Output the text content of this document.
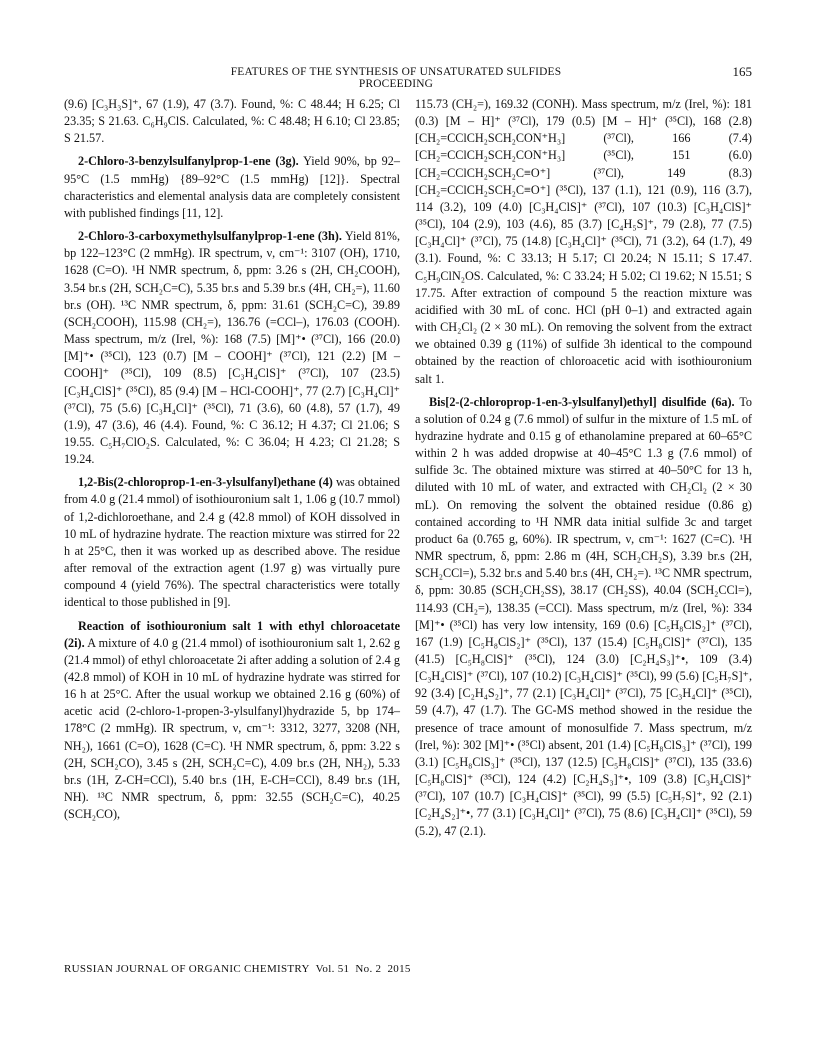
FEATURES OF THE SYNTHESIS OF UNSATURATED SULFIDES PROCEEDING
165

(9.6) [C₃H₃S]⁺, 67 (1.9), 47 (3.7). Found, %: C 48.44; H 6.25; Cl 23.35; S 21.63. C₆H₉ClS. Calculated, %: C 48.48; H 6.10; Cl 23.85; S 21.57.

2-Chloro-3-benzylsulfanylprop-1-ene (3g). Yield 90%, bp 92–95°C (1.5 mmHg) {89–92°C (1.5 mmHg) [12]}. Spectral characteristics and elemental analysis data are completely consistent with published findings [11, 12].

2-Chloro-3-carboxymethylsulfanylprop-1-ene (3h). Yield 81%, bp 122–123°C (2 mmHg). IR spectrum, ν, cm⁻¹: 3107 (OH), 1710, 1628 (C=O). ¹H NMR spectrum, δ, ppm: 3.26 s (2H, CH₂COOH), 3.54 br.s (2H, SCH₂C=C), 5.35 br.s and 5.39 br.s (4H, CH₂=), 11.60 br.s (OH). ¹³C NMR spectrum, δ, ppm: 31.61 (SCH₂C=C), 39.89 (SCH₂COOH), 115.98 (CH₂=), 136.76 (=CCl–), 176.03 (COOH). Mass spectrum, m/z (Irel, %): 168 (7.5) [M]⁺• (³⁷Cl), 166 (20.0) [M]⁺• (³⁵Cl), 123 (0.7) [M – COOH]⁺ (³⁷Cl), 121 (2.2) [M – COOH]⁺ (³⁵Cl), 109 (8.5) [C₃H₄ClS]⁺ (³⁷Cl), 107 (23.5) [C₃H₄ClS]⁺ (³⁵Cl), 85 (9.4) [M – HCl-COOH]⁺, 77 (2.7) [C₃H₄Cl]⁺ (³⁷Cl), 75 (5.6) [C₃H₄Cl]⁺ (³⁵Cl), 71 (3.6), 60 (4.8), 57 (1.7), 49 (1.9), 47 (3.6), 46 (4.4). Found, %: C 36.12; H 4.37; Cl 21.06; S 19.55. C₅H₇ClO₂S. Calculated, %: C 36.04; H 4.23; Cl 21.28; S 19.24.

1,2-Bis(2-chloroprop-1-en-3-ylsulfanyl)ethane (4) was obtained from 4.0 g (21.4 mmol) of isothiouronium salt 1, 1.06 g (10.7 mmol) of 1,2-dichloroethane, and 2.4 g (42.8 mmol) of KOH dissolved in 10 mL of hydrazine hydrate. The reaction mixture was stirred for 22 h at 25°C, then it was worked up as described above. The residue after removal of the extraction agent (1.97 g) was virtually pure compound 4 (yield 76%). The spectral characteristics were totally identical to those published in [9].

Reaction of isothiouronium salt 1 with ethyl chloroacetate (2i). A mixture of 4.0 g (21.4 mmol) of isothiouronium salt 1, 2.62 g (21.4 mmol) of ethyl chloroacetate 2i after adding a solution of 2.4 g (42.8 mmol) of KOH in 10 mL of hydrazine hydrate was stirred for 16 h at 25°C. After the usual workup we obtained 2.16 g (60%) of acetic acid (2-chloro-1-propen-3-ylsulfanyl)hydrazide 5, bp 174–178°C (2 mmHg). IR spectrum, ν, cm⁻¹: 3312, 3277, 3208 (NH, NH₂), 1661 (C=O), 1628 (C=C). ¹H NMR spectrum, δ, ppm: 3.22 s (2H, SCH₂CO), 3.45 s (2H, SCH₂C=C), 4.09 br.s (2H, NH₂), 5.33 br.s (1H, Z-CH=CCl), 5.40 br.s (1H, E-CH=CCl), 8.49 br.s (1H, NH). ¹³C NMR spectrum, δ, ppm: 32.55 (SCH₂C=C), 40.25 (SCH₂CO),

115.73 (CH₂=), 169.32 (CONH). Mass spectrum, m/z (Irel, %): 181 (0.3) [M – H]⁺ (³⁷Cl), 179 (0.5) [M – H]⁺ (³⁵Cl), 168 (2.8) [CH₂=CClCH₂SCH₂CON⁺H₃] (³⁷Cl), 166 (7.4) [CH₂=CClCH₂SCH₂CON⁺H₃] (³⁵Cl), 151 (6.0) [CH₂=CClCH₂SCH₂C≡O⁺] (³⁷Cl), 149 (8.3) [CH₂=CClCH₂SCH₂C≡O⁺] (³⁵Cl), 137 (1.1), 121 (0.9), 116 (3.7), 114 (3.2), 109 (4.0) [C₃H₄ClS]⁺ (³⁷Cl), 107 (10.3) [C₃H₄ClS]⁺ (³⁵Cl), 104 (2.9), 103 (4.6), 85 (3.7) [C₄H₅S]⁺, 79 (2.8), 77 (7.5) [C₃H₄Cl]⁺ (³⁷Cl), 75 (14.8) [C₃H₄Cl]⁺ (³⁵Cl), 71 (3.2), 64 (1.7), 49 (3.1). Found, %: C 33.13; H 5.17; Cl 20.24; N 15.11; S 17.47. C₅H₉ClN₂OS. Calculated, %: C 33.24; H 5.02; Cl 19.62; N 15.51; S 17.75. After extraction of compound 5 the reaction mixture was acidified with 30 mL of conc. HCl (pH 0–1) and extracted again with CH₂Cl₂ (2 × 30 mL). On removing the solvent from the extract we obtained 0.39 g (11%) of sulfide 3h identical to the compound obtained by the reaction of chloroacetic acid with isothiouronium salt 1.

Bis[2-(2-chloroprop-1-en-3-ylsulfanyl)ethyl] disulfide (6a). To a solution of 0.24 g (7.6 mmol) of sulfur in the mixture of 1.5 mL of hydrazine hydrate and 0.15 g of ethanolamine prepared at 60–65°C within 2 h was added dropwise at 40–45°C 1.3 g (7.6 mmol) of sulfide 3c. The obtained mixture was stirred at 40–50°C for 13 h, diluted with 10 mL of water, and extracted with CH₂Cl₂ (2 × 30 mL). On removing the solvent the obtained residue (0.86 g) contained according to ¹H NMR data initial sulfide 3c and target product 6a (0.765 g, 60%). IR spectrum, ν, cm⁻¹: 1627 (C=C). ¹H NMR spectrum, δ, ppm: 2.86 m (4H, SCH₂CH₂S), 3.39 br.s (2H, SCH₂CCl=), 5.32 br.s and 5.40 br.s (4H, CH₂=). ¹³C NMR spectrum, δ, ppm: 30.85 (SCH₂CH₂SS), 38.17 (CH₂SS), 40.04 (SCH₂CCl=), 114.93 (CH₂=), 138.35 (=CCl). Mass spectrum, m/z (Irel, %): 334 [M]⁺• (³⁵Cl) has very low intensity, 169 (0.6) [C₅H₈ClS₂]⁺ (³⁷Cl), 167 (1.9) [C₅H₈ClS₂]⁺ (³⁵Cl), 137 (15.4) [C₅H₈ClS]⁺ (³⁷Cl), 135 (41.5) [C₅H₈ClS]⁺ (³⁵Cl), 124 (3.0) [C₂H₄S₃]⁺•, 109 (3.4) [C₃H₄ClS]⁺ (³⁷Cl), 107 (10.2) [C₃H₄ClS]⁺ (³⁵Cl), 99 (5.6) [C₅H₇S]⁺, 92 (3.4) [C₂H₄S₂]⁺, 77 (2.1) [C₃H₄Cl]⁺ (³⁷Cl), 75 [C₃H₄Cl]⁺ (³⁵Cl), 59 (4.7), 47 (1.7). The GC-MS method showed in the residue the presence of trace amount of monosulfide 7. Mass spectrum, m/z (Irel, %): 302 [M]⁺• (³⁵Cl) absent, 201 (1.4) [C₅H₈ClS₃]⁺ (³⁷Cl), 199 (3.1) [C₅H₈ClS₃]⁺ (³⁵Cl), 137 (12.5) [C₅H₈ClS]⁺ (³⁷Cl), 135 (33.6) [C₅H₈ClS]⁺ (³⁵Cl), 124 (4.2) [C₂H₄S₃]⁺•, 109 (3.8) [C₃H₄ClS]⁺ (³⁷Cl), 107 (10.7) [C₃H₄ClS]⁺ (³⁵Cl), 99 (5.5) [C₅H₇S]⁺, 92 (2.1) [C₂H₄S₂]⁺•, 77 (3.1) [C₃H₄Cl]⁺ (³⁷Cl), 75 (8.6) [C₃H₄Cl]⁺ (³⁵Cl), 59 (5.2), 47 (2.1).

RUSSIAN JOURNAL OF ORGANIC CHEMISTRY Vol. 51 No. 2 2015
